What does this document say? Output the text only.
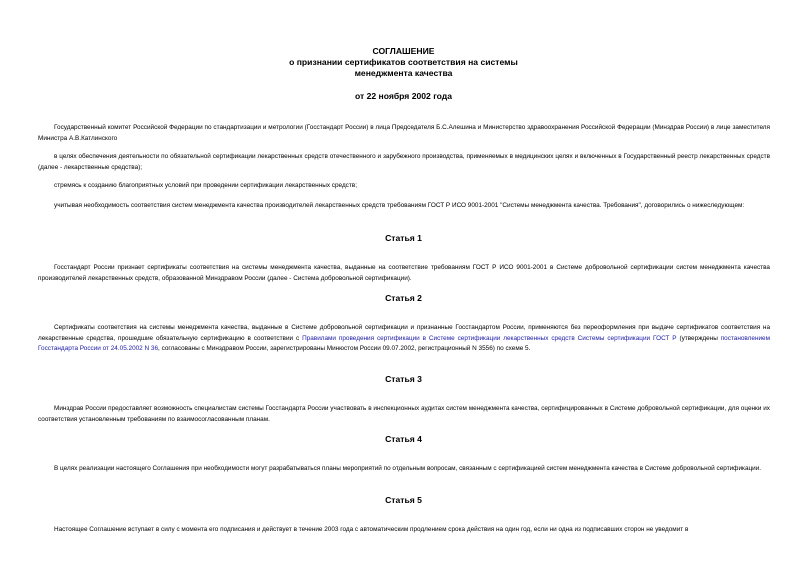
СОГЛАШЕНИЕ
о признании сертификатов соответствия на системы
менеджмента качества
от 22 ноября 2002 года
Государственный комитет Российской Федерации по стандартизации и метрологии (Госстандарт России) в лица Председателя Б.С.Алешина и Министерство здравоохранения Российской Федерации (Минздрав России) в лице заместителя Министра А.В.Катлинского
в целях обеспечения деятельности по обязательной сертификации лекарственных средств отечественного и зарубежного производства, применяемых в медицинских целях и включенных в Государственный реестр лекарственных средств (далее - лекарственные средства);
стремясь к созданию благоприятных условий при проведении сертификации лекарственных средств;
учитывая необходимость соответствия систем менеджмента качества производителей лекарственных средств требованиям ГОСТ Р ИСО 9001-2001 "Системы менеджмента качества. Требования", договорились о нижеследующем:
Статья 1
Госстандарт России признает сертификаты соответствия на системы менеджмента качества, выданные на соответствие требованиям ГОСТ Р ИСО 9001-2001 в Системе добровольной сертификации систем менеджмента качества производителей лекарственных средств, образованной Минздравом России (далее - Система добровольной сертификации).
Статья 2
Сертификаты соответствия на системы менеджмента качества, выданные в Системе добровольной сертификации и признанные Госстандартом России, применяются без переоформления при выдаче сертификатов соответствия на лекарственные средства, прошедшие обязательную сертификацию в соответствии с Правилами проведения сертификации в Системе сертификации лекарственных средств Системы сертификации ГОСТ Р (утверждены постановлением Госстандарта России от 24.05.2002 N 36, согласованы с Минздравом России, зарегистрированы Минюстом России 09.07.2002, регистрационный N 3556) по схеме 5.
Статья 3
Минздрав России предоставляет возможность специалистам системы Госстандарта России участвовать в инспекционных аудитах систем менеджмента качества, сертифицированных в Системе добровольной сертификации, для оценки их соответствия установленным требованиям по взаимосогласованным планам.
Статья 4
В целях реализации настоящего Соглашения при необходимости могут разрабатываться планы мероприятий по отдельным вопросам, связанным с сертификацией систем менеджмента качества в Системе добровольной сертификации.
Статья 5
Настоящее Соглашение вступает в силу с момента его подписания и действует в течение 2003 года с автоматическим продлением срока действия на один год, если ни одна из подписавших сторон не уведомит в
